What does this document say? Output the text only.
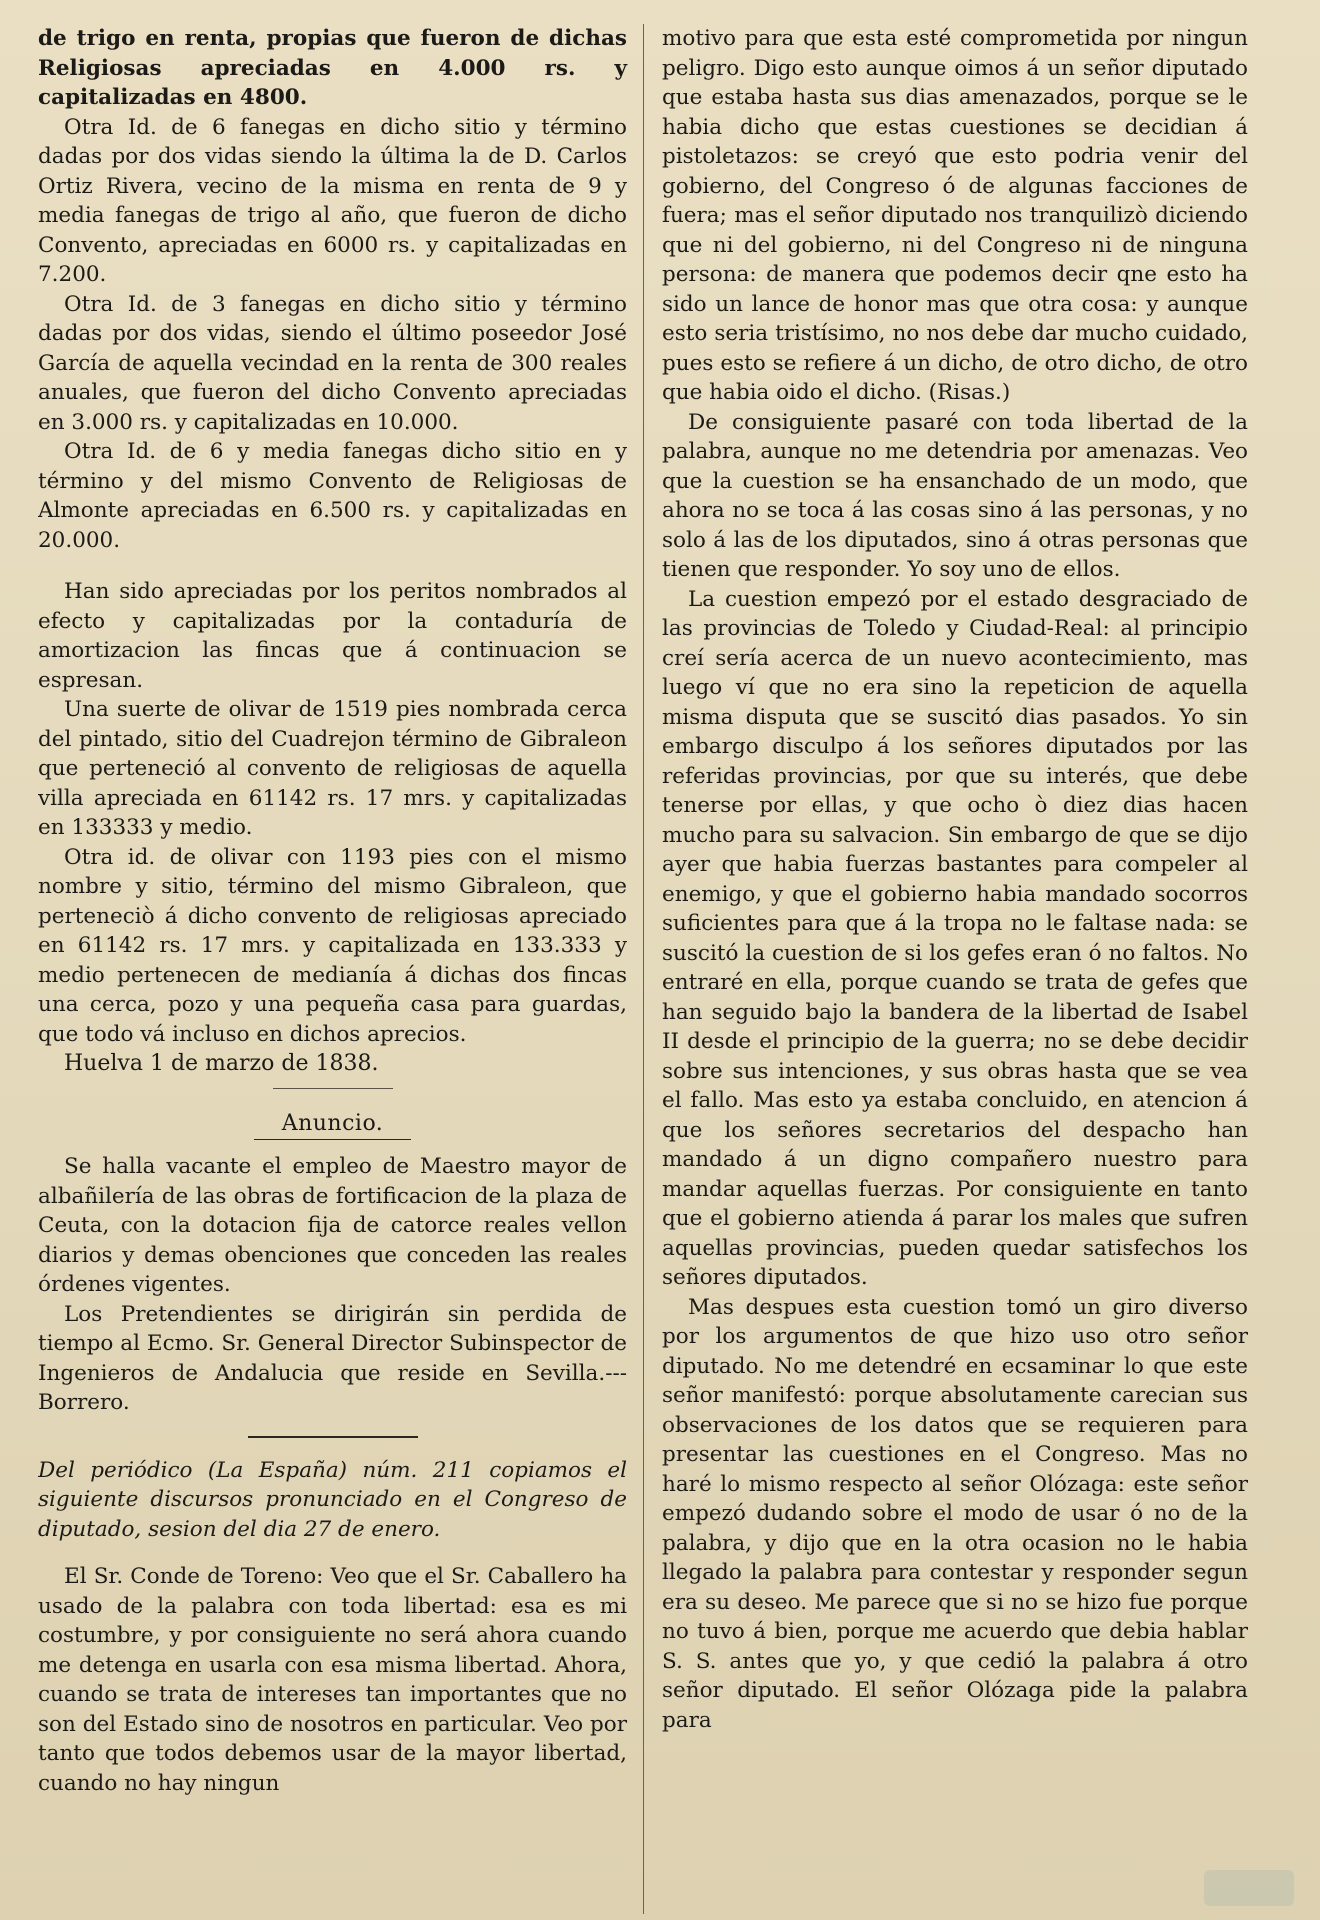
de trigo en renta, propias que fueron de dichas Religiosas apreciadas en 4.000 rs. y capitalizadas en 4800.

Otra Id. de 6 fanegas en dicho sitio y término dadas por dos vidas siendo la última la de D. Carlos Ortiz Rivera, vecino de la misma en renta de 9 y media fanegas de trigo al año, que fueron de dicho Convento, apreciadas en 6000 rs. y capitalizadas en 7.200.

Otra Id. de 3 fanegas en dicho sitio y término dadas por dos vidas, siendo el último poseedor José García de aquella vecindad en la renta de 300 reales anuales, que fueron del dicho Convento apreciadas en 3.000 rs. y capitalizadas en 10.000.

Otra Id. de 6 y media fanegas dicho sitio en y término y del mismo Convento de Religiosas de Almonte apreciadas en 6.500 rs. y capitalizadas en 20.000.

Han sido apreciadas por los peritos nombrados al efecto y capitalizadas por la contaduría de amortizacion las fincas que á continuacion se espresan.

Una suerte de olivar de 1519 pies nombrada cerca del pintado, sitio del Cuadrejon término de Gibraleon que perteneció al convento de religiosas de aquella villa apreciada en 61142 rs. 17 mrs. y capitalizadas en 133333 y medio.

Otra id. de olivar con 1193 pies con el mismo nombre y sitio, término del mismo Gibraleon, que perteneciò á dicho convento de religiosas apreciado en 61142 rs. 17 mrs. y capitalizada en 133.333 y medio pertenecen de medianía á dichas dos fincas una cerca, pozo y una pequeña casa para guardas, que todo vá incluso en dichos aprecios.

Huelva 1 de marzo de 1838.

Anuncio.

Se halla vacante el empleo de Maestro mayor de albañilería de las obras de fortificacion de la plaza de Ceuta, con la dotacion fija de catorce reales vellon diarios y demas obenciones que conceden las reales órdenes vigentes.

Los Pretendientes se dirigirán sin perdida de tiempo al Ecmo. Sr. General Director Subinspector de Ingenieros de Andalucia que reside en Sevilla.---Borrero.

Del periódico (La España) núm. 211 copiamos el siguiente discursos pronunciado en el Congreso de diputado, sesion del dia 27 de enero.

El Sr. Conde de Toreno: Veo que el Sr. Caballero ha usado de la palabra con toda libertad: esa es mi costumbre, y por consiguiente no será ahora cuando me detenga en usarla con esa misma libertad. Ahora, cuando se trata de intereses tan importantes que no son del Estado sino de nosotros en particular. Veo por tanto que todos debemos usar de la mayor libertad, cuando no hay ningun

motivo para que esta esté comprometida por ningun peligro. Digo esto aunque oimos á un señor diputado que estaba hasta sus dias amenazados, porque se le habia dicho que estas cuestiones se decidian á pistoletazos: se creyó que esto podria venir del gobierno, del Congreso ó de algunas facciones de fuera; mas el señor diputado nos tranquilizò diciendo que ni del gobierno, ni del Congreso ni de ninguna persona: de manera que podemos decir qne esto ha sido un lance de honor mas que otra cosa: y aunque esto seria tristísimo, no nos debe dar mucho cuidado, pues esto se refiere á un dicho, de otro dicho, de otro que habia oido el dicho. (Risas.)

De consiguiente pasaré con toda libertad de la palabra, aunque no me detendria por amenazas. Veo que la cuestion se ha ensanchado de un modo, que ahora no se toca á las cosas sino á las personas, y no solo á las de los diputados, sino á otras personas que tienen que responder. Yo soy uno de ellos.

La cuestion empezó por el estado desgraciado de las provincias de Toledo y Ciudad-Real: al principio creí sería acerca de un nuevo acontecimiento, mas luego ví que no era sino la repeticion de aquella misma disputa que se suscitó dias pasados. Yo sin embargo disculpo á los señores diputados por las referidas provincias, por que su interés, que debe tenerse por ellas, y que ocho ò diez dias hacen mucho para su salvacion. Sin embargo de que se dijo ayer que habia fuerzas bastantes para compeler al enemigo, y que el gobierno habia mandado socorros suficientes para que á la tropa no le faltase nada: se suscitó la cuestion de si los gefes eran ó no faltos. No entraré en ella, porque cuando se trata de gefes que han seguido bajo la bandera de la libertad de Isabel II desde el principio de la guerra; no se debe decidir sobre sus intenciones, y sus obras hasta que se vea el fallo. Mas esto ya estaba concluido, en atencion á que los señores secretarios del despacho han mandado á un digno compañero nuestro para mandar aquellas fuerzas. Por consiguiente en tanto que el gobierno atienda á parar los males que sufren aquellas provincias, pueden quedar satisfechos los señores diputados.

Mas despues esta cuestion tomó un giro diverso por los argumentos de que hizo uso otro señor diputado. No me detendré en ecsaminar lo que este señor manifestó: porque absolutamente carecian sus observaciones de los datos que se requieren para presentar las cuestiones en el Congreso. Mas no haré lo mismo respecto al señor Olózaga: este señor empezó dudando sobre el modo de usar ó no de la palabra, y dijo que en la otra ocasion no le habia llegado la palabra para contestar y responder segun era su deseo. Me parece que si no se hizo fue porque no tuvo á bien, porque me acuerdo que debia hablar S. S. antes que yo, y que cedió la palabra á otro señor diputado. El señor Olózaga pide la palabra para
